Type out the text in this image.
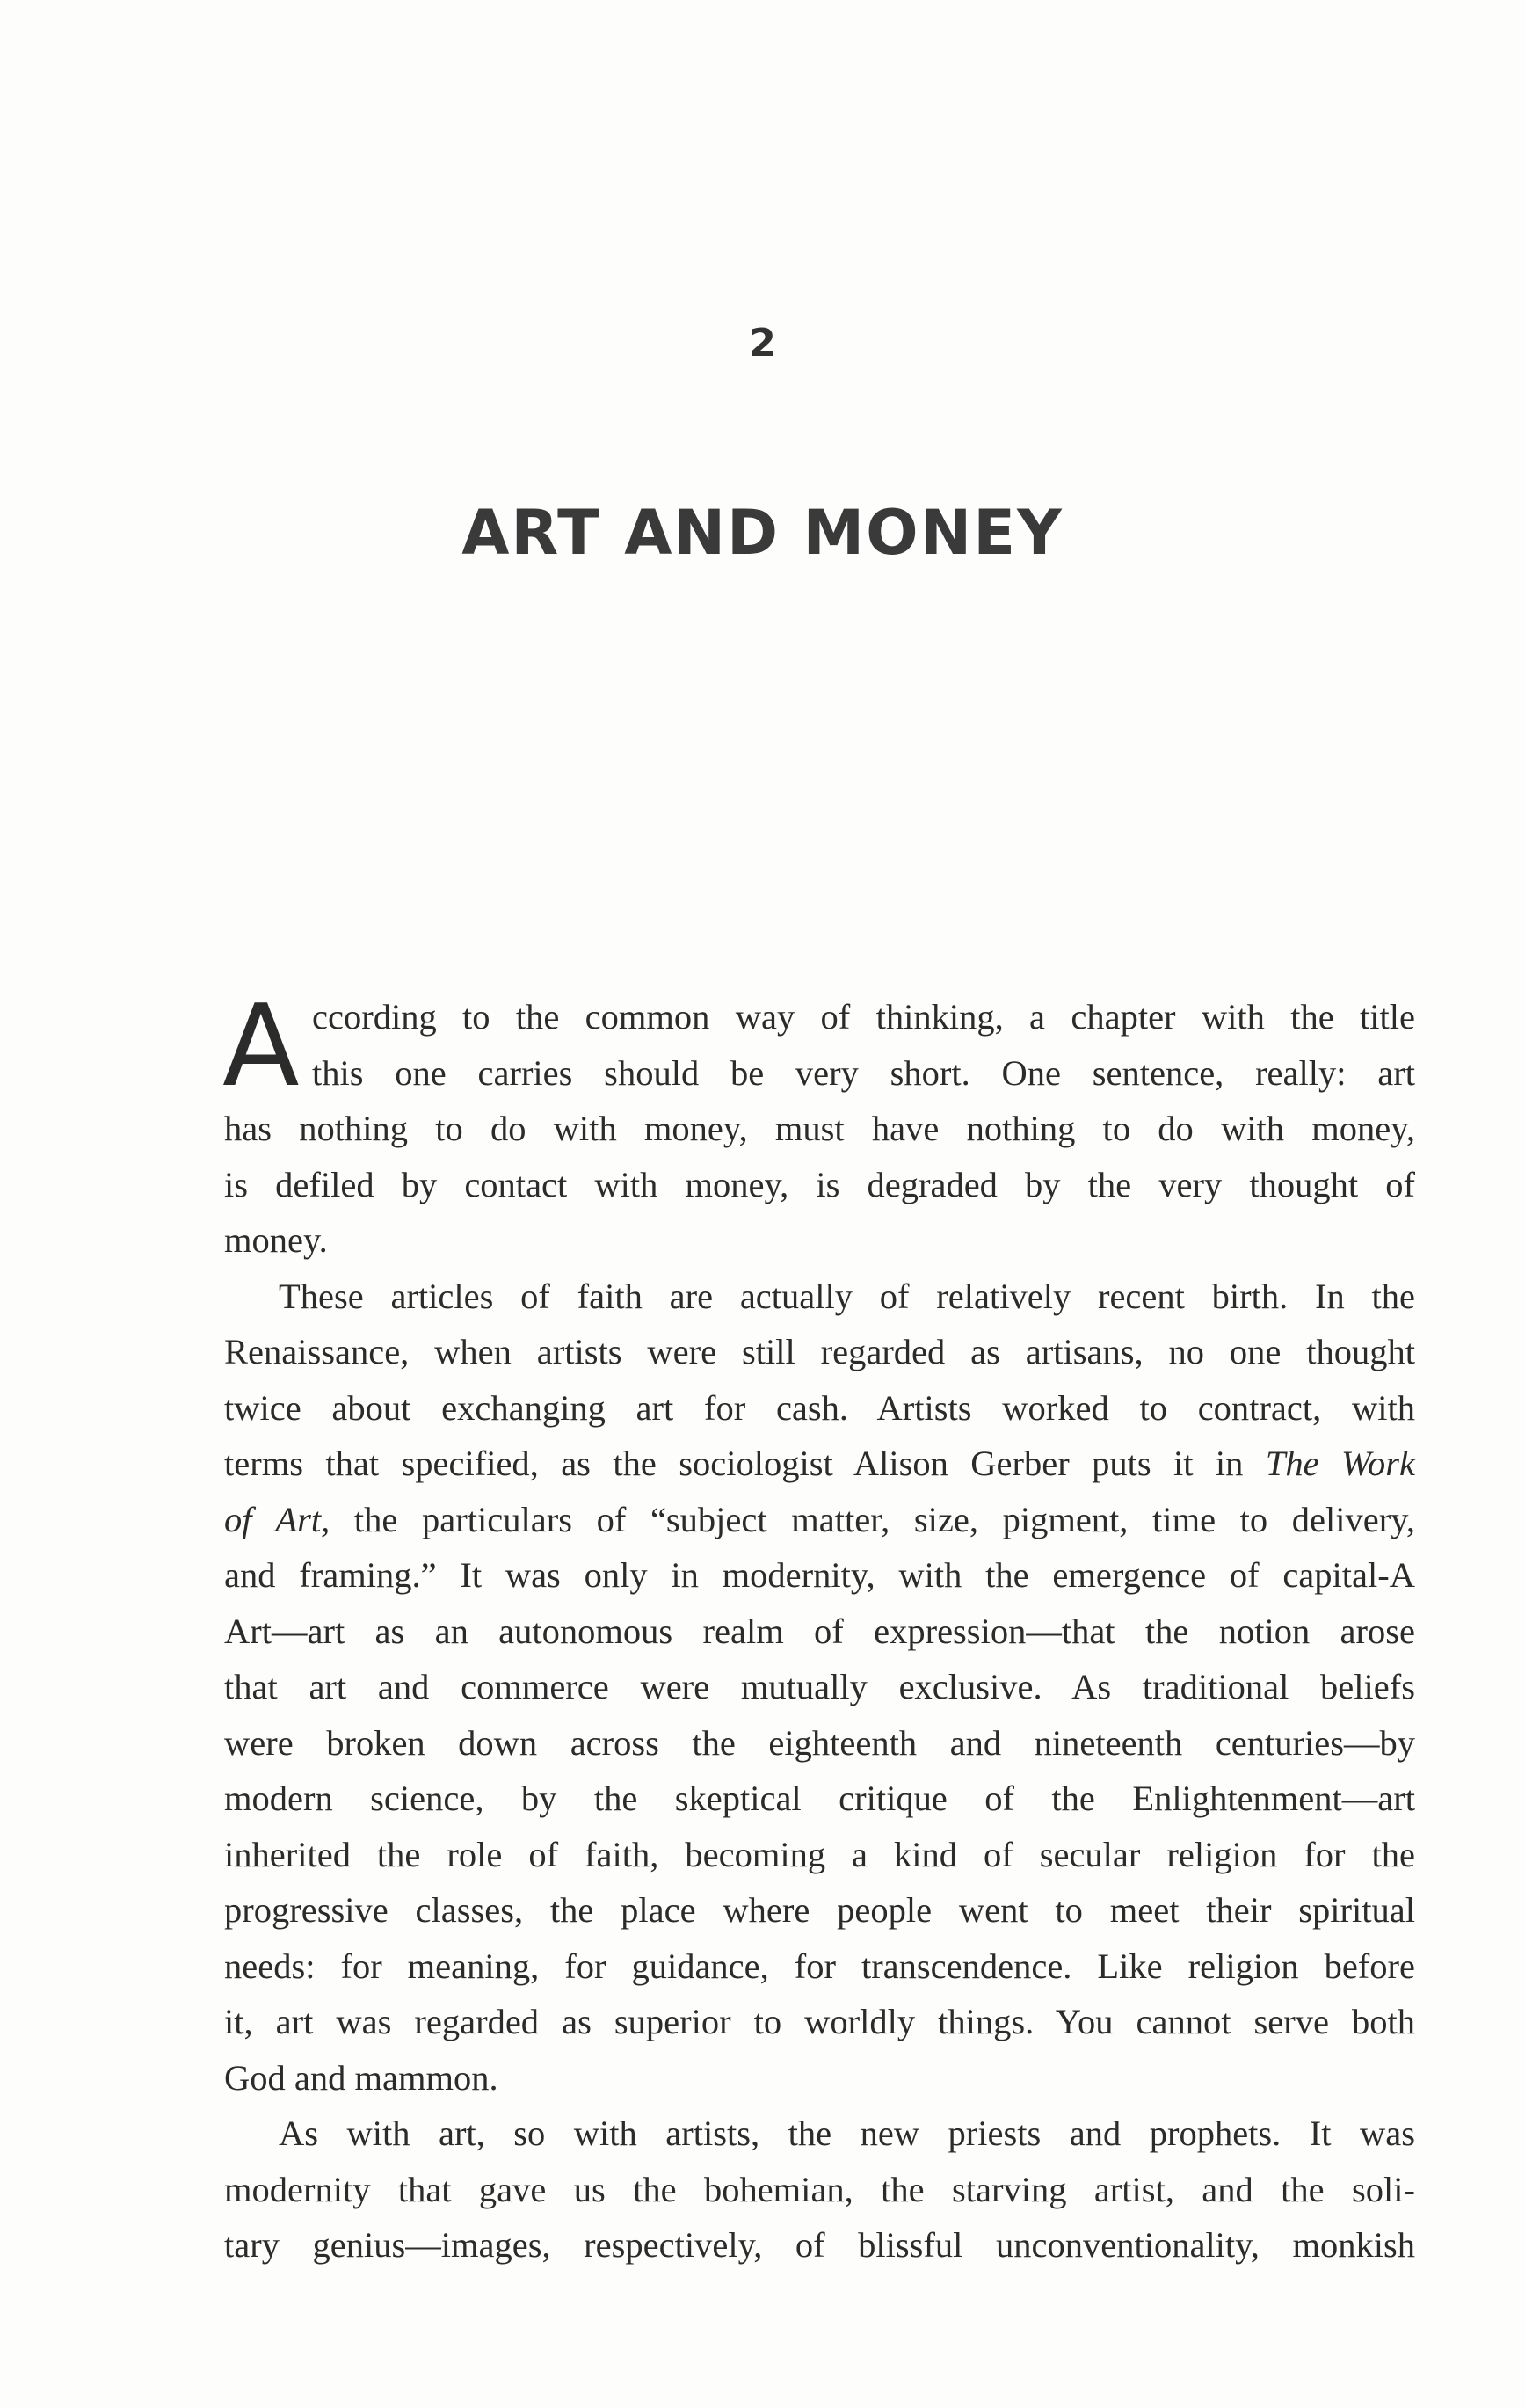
2
ART AND MONEY
A ccording to the common way of thinking, a chapter with the title
this one carries should be very short. One sentence, really: art
has nothing to do with money, must have nothing to do with money,
is defiled by contact with money, is degraded by the very thought of
money.
These articles of faith are actually of relatively recent birth. In the
Renaissance, when artists were still regarded as artisans, no one thought
twice about exchanging art for cash. Artists worked to contract, with
terms that specified, as the sociologist Alison Gerber puts it in The Work
of Art, the particulars of “subject matter, size, pigment, time to delivery,
and framing.” It was only in modernity, with the emergence of capital-A
Art—art as an autonomous realm of expression—that the notion arose
that art and commerce were mutually exclusive. As traditional beliefs
were broken down across the eighteenth and nineteenth centuries—by
modern science, by the skeptical critique of the Enlightenment—art
inherited the role of faith, becoming a kind of secular religion for the
progressive classes, the place where people went to meet their spiritual
needs: for meaning, for guidance, for transcendence. Like religion before
it, art was regarded as superior to worldly things. You cannot serve both
God and mammon.
As with art, so with artists, the new priests and prophets. It was
modernity that gave us the bohemian, the starving artist, and the soli-
tary genius—images, respectively, of blissful unconventionality, monkish
